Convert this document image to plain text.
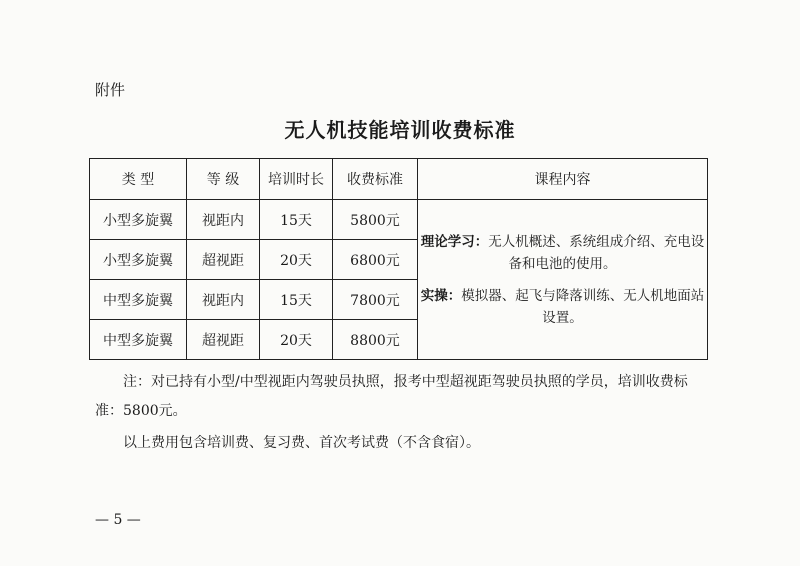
附件
无人机技能培训收费标准
类 型	等 级	培训时长	收费标准	课程内容
小型多旋翼	视距内	15天	5800元	理论学习：无人机概述、系统组成介绍、充电设备和电池的使用。

实操：模拟器、起飞与降落训练、无人机地面站设置。

小型多旋翼	超视距	20天	6800元	
中型多旋翼	视距内	15天	7800元	
中型多旋翼	超视距	20天	8800元	
注：对已持有小型/中型视距内驾驶员执照，报考中型超视距驾驶员执照的学员，培训收费标准：5800元。
以上费用包含培训费、复习费、首次考试费（不含食宿）。
— 5 —
